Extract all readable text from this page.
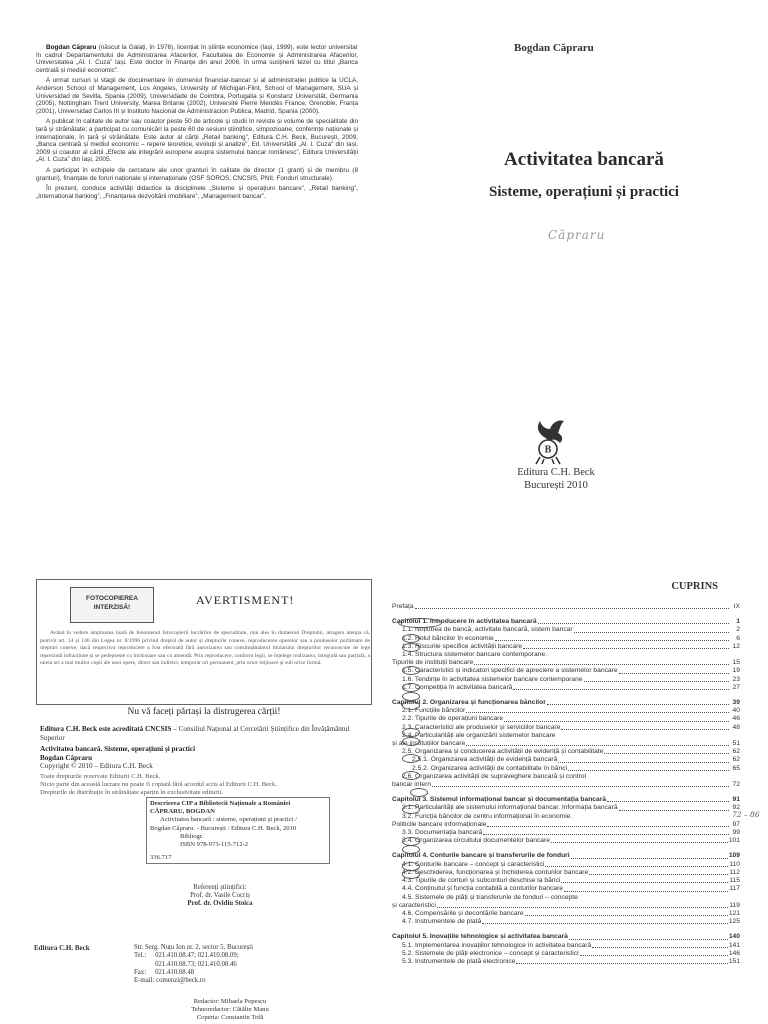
Bogdan Căpraru (născut la Galați, în 1976), licențiat în științe economice (Iași, 1999), este lector universitar în cadrul Departamentului de Administrarea Afacerilor, Facultatea de Economie și Administrarea Afacerilor, Universitatea „Al. I. Cuza” Iași. Este doctor în Finanțe din anul 2006, în urma susținerii tezei cu titlul „Banca centrală și mediul economic”.

A urmat cursuri și stagii de documentare în domeniul financiar-bancar și al administrației publice la UCLA, Anderson School of Management, Los Angeles, University of Michigan-Flint, School of Management, SUA și Universidad de Sevilla, Spania (2009), Universidade de Coimbra, Portugalia și Konstanz Universität, Germania (2005), Nottingham Trent University, Marea Britanie (2002), Université Pierre Mendès France, Grenoble, Franța (2001), Universidad Carlos III și Instituto Nacional de Administracion Publica, Madrid, Spania (2000).

A publicat în calitate de autor sau coautor peste 50 de articole și studii în reviste și volume de specialitate din țară și străinătate; a participat cu comunicări la peste 60 de sesiuni științifice, simpozioane, conferințe naționale și internaționale, în țară și străinătate. Este autor al cărții „Retail banking”, Editura C.H. Beck, București, 2009, „Banca centrală și mediul economic – repere teoretice, evoluții și analize”, Ed. Universității „Al. I. Cuza” din Iași, 2009 și coautor al cărții „Efecte ale integrării europene asupra sistemului bancar românesc”, Editura Universității „Al. I. Cuza” din Iași, 2005.

A participat în echipele de cercetare ale unor granturi în calitate de director (1 grant) și de membru (8 granturi), finanțate de foruri naționale și internaționale (OSF SOROS, CNCSIS, PNII, Fonduri structurale).

În prezent, conduce activități didactice la disciplinele „Sisteme și operațiuni bancare”, „Retail banking”, „International banking”, „Finanțarea dezvoltării imobiliare”, „Management bancar”.

Bogdan Căpraru
Activitatea bancară
Sisteme, operațiuni și practici
Căpraru
B
Editura C.H. Beck
București 2010
FOTOCOPIEREA
INTERZISĂ!
AVERTISMENT!
Având în vedere amploarea luată de fenomenul fotocopierii lucrărilor de specialitate, mai ales în domeniul Dreptului, atragem atenția că, potrivit art. 14 și 140 din Legea nr. 8/1996 privind dreptul de autor și drepturile conexe, reproducerea operelor sau a produselor purtătoare de drepturi conexe, dacă respectiva reproducere a fost efectuată fără autorizarea sau consimțământul titularului drepturilor recunoscute de lege reprezintă infracțiune și se pedepsește cu închisoare sau cu amendă. Prin reproducere, conform legii, se înțelege realizarea, integrală sau parțială, a uneia ori a mai multor copii ale unei opere, direct sau indirect, temporar ori permanent, prin orice mijloace și sub orice formă.
Nu vă faceți părtași la distrugerea cărții!
Editura C.H. Beck este acreditată CNCSIS – Consiliul Național al Cercetării Științifice din Învățământul Superior
Activitatea bancară. Sisteme, operațiuni și practici
Bogdan Căpraru
Copyright © 2010 – Editura C.H. Beck
Toate drepturile rezervate Editurii C.H. Beck.
Nicio parte din această lucrare nu poate fi copiată fără acordul scris al Editurii C.H. Beck.
Drepturile de distribuție în străinătate aparțin în exclusivitate editurii.
Descrierea CIP a Bibliotecii Naționale a României
CĂPRARU, BOGDAN
Activitatea bancară : sisteme, operațiuni și practici /
Bogdan Căpraru. - București : Editura C.H. Beck, 2010
Bibliogr.
ISBN 978-973-115-712-2
336.717
Referenți științifici:
Prof. dr. Vasile Cocriș
Prof. dr. Ovidiu Stoica
Editura C.H. Beck	Str. Serg. Nuțu Ion nr. 2, sector 5, București	
Tel.:	021.410.08.47; 021.410.08.09;
	021.410.08.73; 021.410.08.46
Fax:	021.410.08.48
E-mail: comenzi@beck.ro	
Redactor: Mihaela Popescu
Tehnoredactor: Cătălin Manu
Coperta: Constantin Tofă
CUPRINS
Prefața	IX
Capitolul 1. Introducere în activitatea bancară	1
1.1. Noțiunea de bancă, activitate bancară, sistem bancar	2
1.2. Rolul băncilor în economie	6
1.3. Riscurile specifice activității bancare	12
1.4. Structura sistemelor bancare contemporane.
Tipurile de instituții bancare	15
1.5. Caracteristici și indicatori specifici de apreciere a sistemelor bancare	19
1.6. Tendințe în activitatea sistemelor bancare contemporane	23
1.7. Competiția în activitatea bancară	27
Capitolul 2. Organizarea și funcționarea băncilor	39
2.1. Funcțiile băncilor	40
2.2. Tipurile de operațiuni bancare	46
2.3. Caracteristici ale produselor și serviciilor bancare	48
2.4. Particularități ale organizării sistemelor bancare
și ale instituțiilor bancare	51
2.5. Organizarea și conducerea activității de evidență și contabilitate	62
2.5.1. Organizarea activității de evidență bancară	62
2.5.2. Organizarea activității de contabilitate în bănci	65
2.6. Organizarea activității de supraveghere bancară și control
bancar intern	72
Capitolul 3. Sistemul informațional bancar și documentația bancară	91
3.1. Particularități ale sistemului informațional bancar. Informația bancară	92
3.2. Funcția băncilor de centru informațional în economie.
Politicile bancare informaționale	97
3.3. Documentația bancară	99
3.4. Organizarea circuitului documentelor bancare	101
Capitolul 4. Conturile bancare și transferurile de fonduri	109
4.1. Conturile bancare – concept și caracteristici	110
4.2. Deschiderea, funcționarea și închiderea conturilor bancare	112
4.3. Tipurile de conturi și subconturi deschise la bănci	115
4.4. Conținutul și funcția contabilă a conturilor bancare	117
4.5. Sistemele de plăți și transferurile de fonduri – concepte
și caracteristici	119
4.6. Compensările și decontările bancare	121
4.7. Instrumentele de plată	125
Capitolul 5. Inovațiile tehnologice și activitatea bancară	140
5.1. Implementarea inovațiilor tehnologice în activitatea bancară	141
5.2. Sistemele de plăți electronice – concept și caracteristici	146
5.3. Instrumentele de plată electronice	151
72 – 86
